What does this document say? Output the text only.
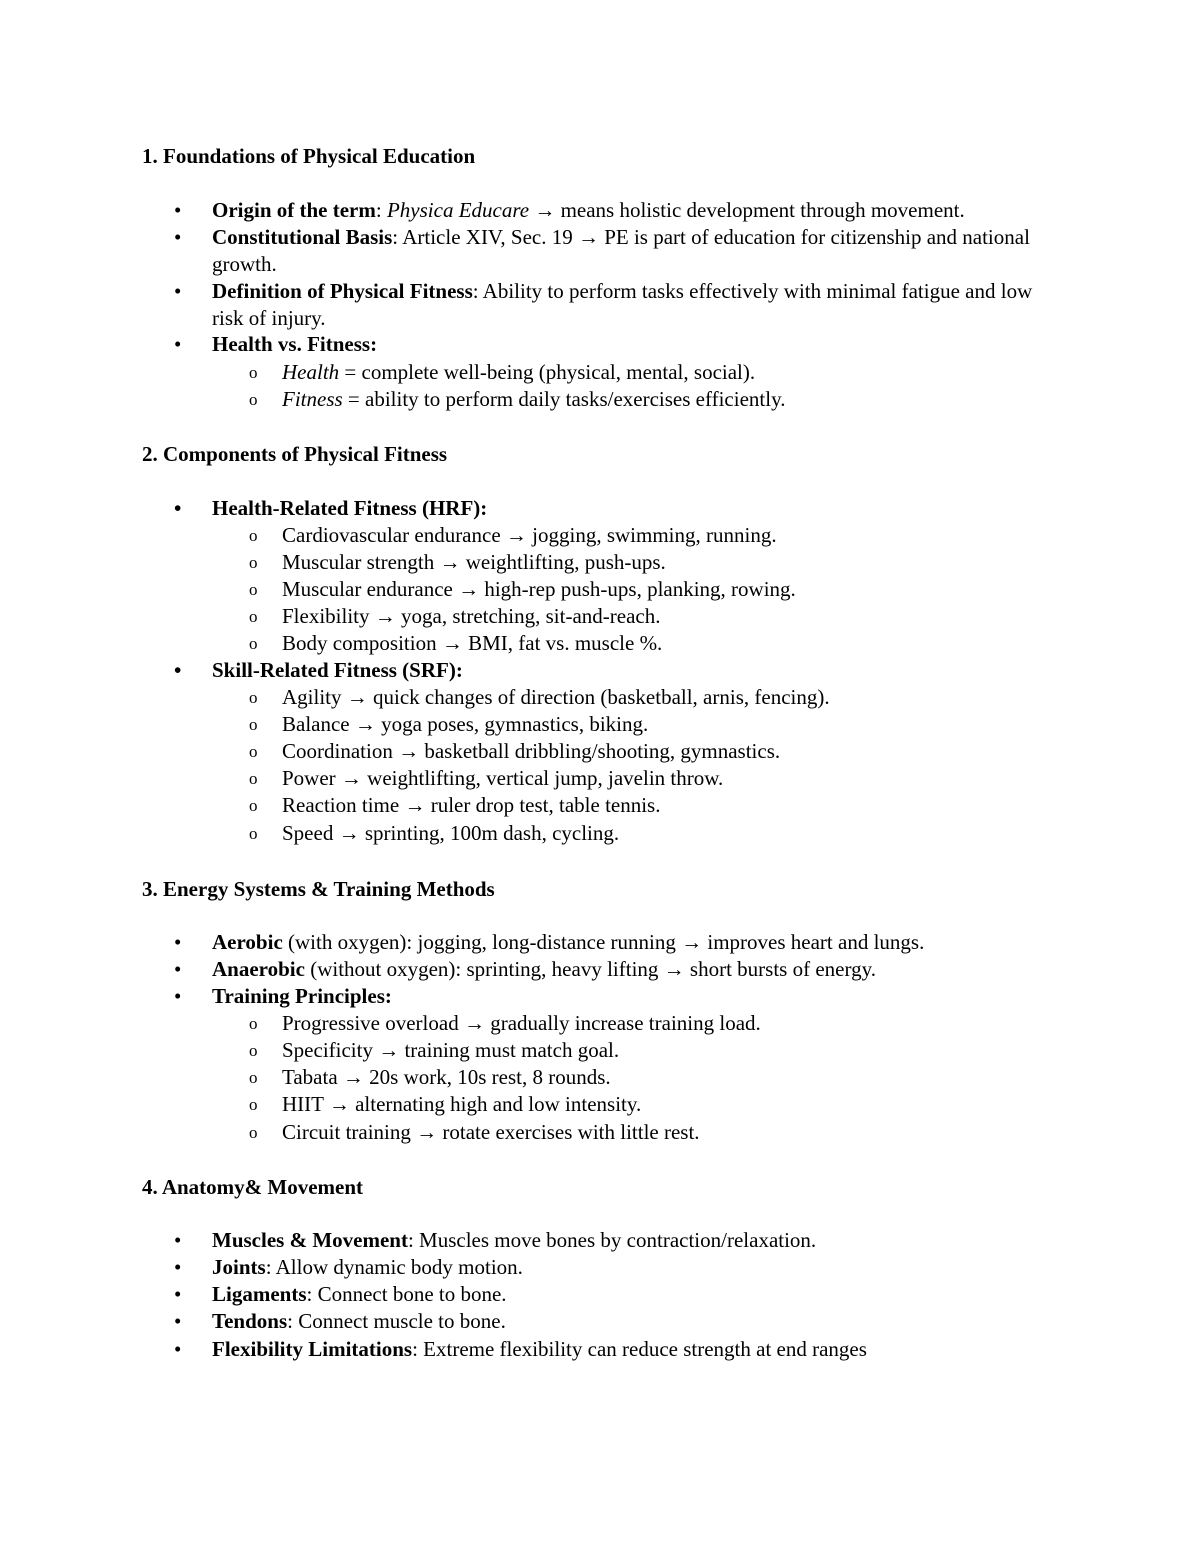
1. Foundations of Physical Education
• Origin of the term: Physica Educare → means holistic development through movement.
• Constitutional Basis: Article XIV, Sec. 19 → PE is part of education for citizenship and national growth.
• Definition of Physical Fitness: Ability to perform tasks effectively with minimal fatigue and low risk of injury.
• Health vs. Fitness:
o Health = complete well-being (physical, mental, social).
o Fitness = ability to perform daily tasks/exercises efficiently.
2. Components of Physical Fitness
• Health-Related Fitness (HRF):
o Cardiovascular endurance → jogging, swimming, running.
o Muscular strength → weightlifting, push-ups.
o Muscular endurance → high-rep push-ups, planking, rowing.
o Flexibility → yoga, stretching, sit-and-reach.
o Body composition → BMI, fat vs. muscle %.
• Skill-Related Fitness (SRF):
o Agility → quick changes of direction (basketball, arnis, fencing).
o Balance → yoga poses, gymnastics, biking.
o Coordination → basketball dribbling/shooting, gymnastics.
o Power → weightlifting, vertical jump, javelin throw.
o Reaction time → ruler drop test, table tennis.
o Speed → sprinting, 100m dash, cycling.
3. Energy Systems & Training Methods
• Aerobic (with oxygen): jogging, long-distance running → improves heart and lungs.
• Anaerobic (without oxygen): sprinting, heavy lifting → short bursts of energy.
• Training Principles:
o Progressive overload → gradually increase training load.
o Specificity → training must match goal.
o Tabata → 20s work, 10s rest, 8 rounds.
o HIIT → alternating high and low intensity.
o Circuit training → rotate exercises with little rest.
4. Anatomy& Movement
• Muscles & Movement: Muscles move bones by contraction/relaxation.
• Joints: Allow dynamic body motion.
• Ligaments: Connect bone to bone.
• Tendons: Connect muscle to bone.
• Flexibility Limitations: Extreme flexibility can reduce strength at end ranges
